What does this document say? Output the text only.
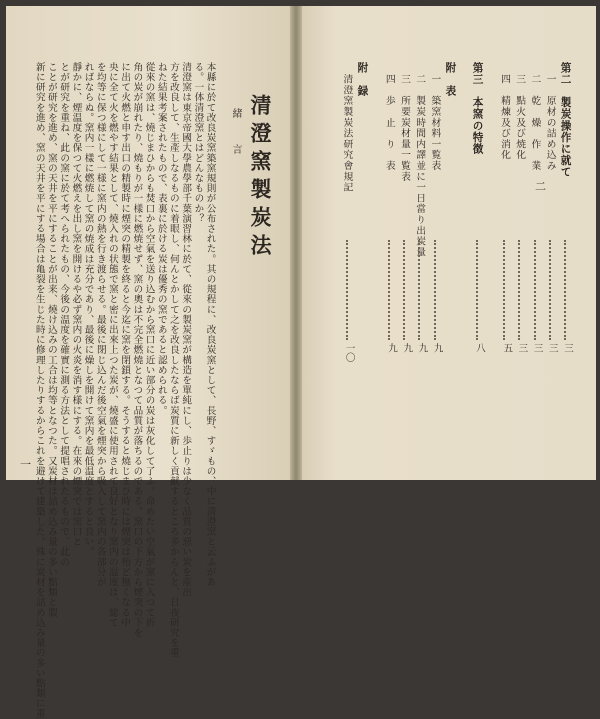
第二　製炭操作に就て
三
一　原材の詰め込み
三
二　乾　燥　作　業
三
三　點火及び焼化
三
四　精煉及び消化
五
第三　本窯の特徴
八
附　表
一　築窯材料一覧表
九
二　製炭時間内譯並に一日當り出炭量
九
三　所要炭材量一覧表
九
四　歩　止　り　表
九
附　録
清澄窯製炭法研究會規記
一〇
清澄窯製炭法
緒　　言
本縣に於て改良炭窯築窯規則が公布された。其の規程に、改良炭窯として、長野、すゞもの、中に清澄窯と云ふがあ
る。一体清澄窯とはどんなものか？
清澄窯は東京帝國大學農學部千葉演習林に於て、從來の製炭窯が構造を單純にし、歩止りは少なく品質の惡い炭を産出
方を改良して、生產しなるものに着眼し、何んとかして之を改良したならば炭質に新しく貢献するところ多からんと、日夜研究を重
ねた結果考案されたもので、表裏に於ける炭は優秀の窯であると認められる。
從來の窯は、燒じまひからも焚口から空氣を送り込むから窯口に近い部分の炭は灰化して了ふ。命めたい空氣が窯に入つて折
角の炭が崩れたり、燒もりが一樣に燃焼せず、窯の奧は不完全燃燒となつて品質が落ちるのである。窯口の下方から煙突の下を
に出て火燃と申す出口の精製時に煙突の精製を終ると今迄に窯を閉鎖する。そうすると燒じまひ時には煙突は殆ど無くなる中
央に全て火を燃やす結果として、燒入れの状態で窯と密に出來上つた炭が、燒盛に使用されて良好となり窯内の温度は、総て
を均等に保つ様にして一様に窯内の熱を行き渡らせる。最後に閉じ込んだ後空氣を煙突から吸入して窯内の各部分が
ればならぬ。窯内一樣に燃焼して窯の焼成は充分であり、最後に燥しを開けて窯内を最低温度とすると良い。
靜かに、煙温度を保つて火燃えを出し窯を開けるや必ず窯内の火炎を消す様にする。在來の煙突では窯口と
とが研究を重ね、此の窯に於て考へられたもの、今後の温度を確實に測る方法として提唱されたるもので、此の
ことが研究を進め、窯の天井を平にすることが出来、燒け込みの工合は均等となつた。又炭材は詰め込み量の多い點類と製
新に研究を進め、窯の天井を平にする場合は亀裂を生じた時に修理したりするからこれを避けて建築した。殊に炭材を詰め込み量の多い點類に重	二
一
